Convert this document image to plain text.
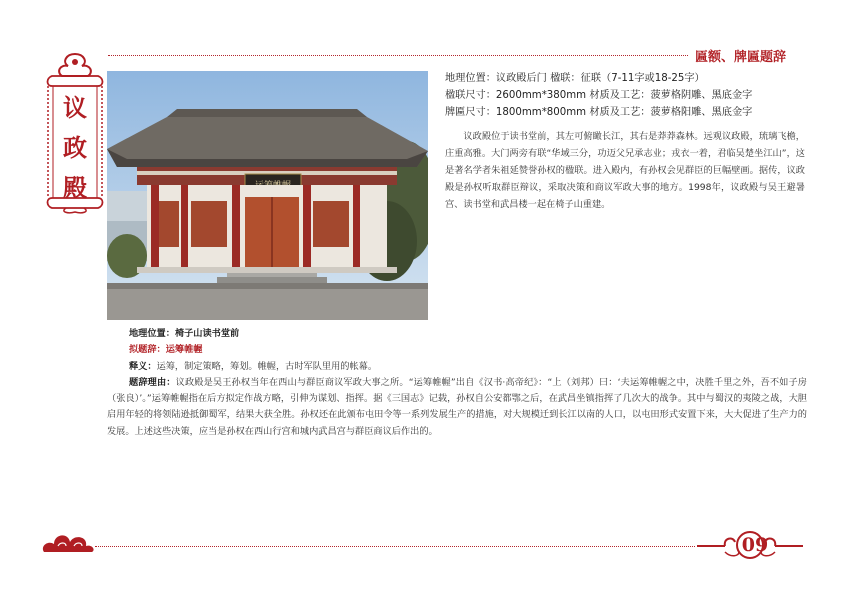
议
政
殿
匾额、牌匾题辞
地理位置：议政殿后门 楹联：征联（7-11字或18-25字）
楹联尺寸：2600mm*380mm 材质及工艺：菠萝格阴雕、黑底金字
牌匾尺寸：1800mm*800mm 材质及工艺：菠萝格阳雕、黑底金字

议政殿位于读书堂前，其左可俯瞰长江，其右是莽莽森林。远观议政殿，琉璃飞檐，庄重高雅。大门两旁有联“华域三分，功迈父兄承志业；戎衣一着，君临吴楚坐江山”，这是著名学者朱祖延赞誉孙权的楹联。进入殿内，有孙权会见群臣的巨幅壁画。据传，议政殿是孙权听取群臣辩议，采取决策和商议军政大事的地方。1998年，议政殿与吴王避暑宫、读书堂和武昌楼一起在椅子山重建。

地理位置：椅子山读书堂前

拟题辞：运筹帷幄

释义：运筹，制定策略，筹划。帷幄，古时军队里用的帐幕。

题辞理由：议政殿是吴王孙权当年在西山与群臣商议军政大事之所。“运筹帷幄”出自《汉书·高帝纪》：“上（刘邦）曰：‘夫运筹帷幄之中，决胜千里之外，吾不如子房（张良）’。”运筹帷幄指在后方拟定作战方略，引伸为谋划、指挥。据《三国志》记载，孙权自公安都鄂之后，在武昌坐镇指挥了几次大的战争。其中与蜀汉的夷陵之战，大胆启用年轻的将领陆逊抵御蜀军，结果大获全胜。孙权还在此颁布屯田令等一系列发展生产的措施，对大规模迁到长江以南的人口，以屯田形式安置下来，大大促进了生产力的发展。上述这些决策，应当是孙权在西山行宫和城内武昌宫与群臣商议后作出的。

09
